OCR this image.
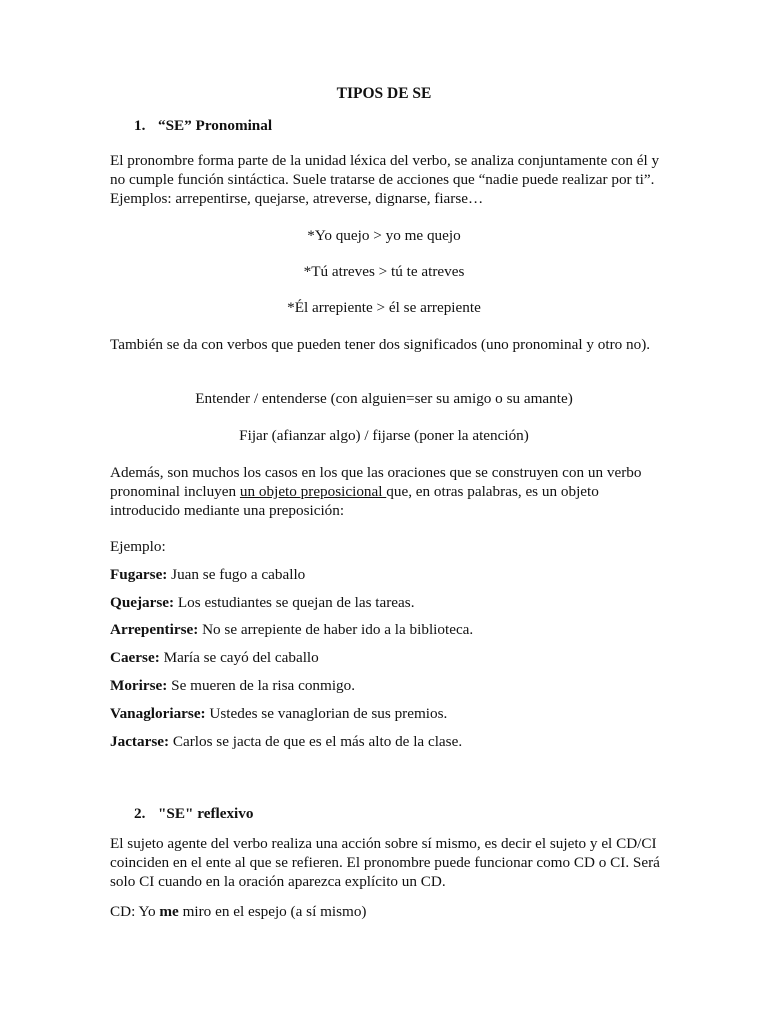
TIPOS DE SE
1. “SE” Pronominal
El pronombre forma parte de la unidad léxica del verbo, se analiza conjuntamente con él y no cumple función sintáctica. Suele tratarse de acciones que “nadie puede realizar por ti”. Ejemplos: arrepentirse, quejarse, atreverse, dignarse, fiarse…
*Yo quejo > yo me quejo
*Tú atreves > tú te atreves
*Él arrepiente > él se arrepiente
También se da con verbos que pueden tener dos significados (uno pronominal y otro no).
Entender / entenderse (con alguien=ser su amigo o su amante)
Fijar (afianzar algo) / fijarse (poner la atención)
Además, son muchos los casos en los que las oraciones que se construyen con un verbo pronominal incluyen un objeto preposicional que, en otras palabras, es un objeto introducido mediante una preposición:
Ejemplo:
Fugarse: Juan se fugo a caballo
Quejarse: Los estudiantes se quejan de las tareas.
Arrepentirse: No se arrepiente de haber ido a la biblioteca.
Caerse: María se cayó del caballo
Morirse: Se mueren de la risa conmigo.
Vanagloriarse: Ustedes se vanaglorian de sus premios.
Jactarse: Carlos se jacta de que es el más alto de la clase.
2. "SE" reflexivo
El sujeto agente del verbo realiza una acción sobre sí mismo, es decir el sujeto y el CD/CI coinciden en el ente al que se refieren. El pronombre puede funcionar como CD o CI. Será solo CI cuando en la oración aparezca explícito un CD.
CD: Yo me miro en el espejo (a sí mismo)
